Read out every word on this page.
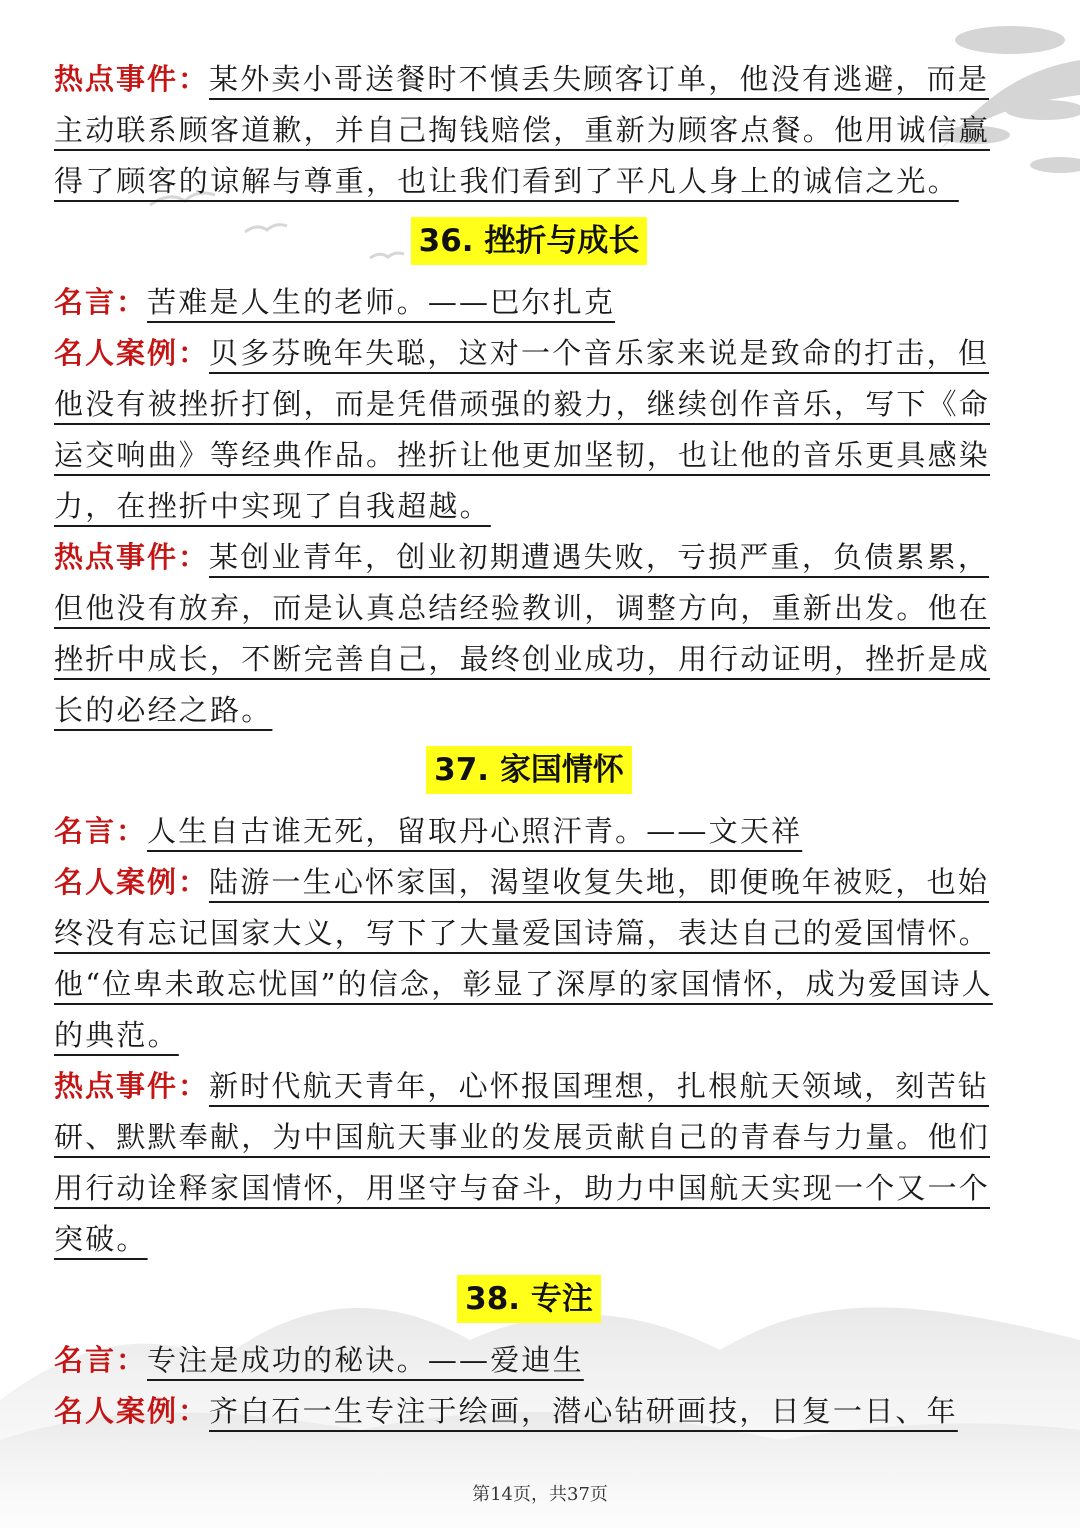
热点事件：某外卖小哥送餐时不慎丢失顾客订单，他没有逃避，而是主动联系顾客道歉，并自己掏钱赔偿，重新为顾客点餐。他用诚信赢得了顾客的谅解与尊重，也让我们看到了平凡人身上的诚信之光。

36. 挫折与成长

名言：苦难是人生的老师。——巴尔扎克

名人案例：贝多芬晚年失聪，这对一个音乐家来说是致命的打击，但他没有被挫折打倒，而是凭借顽强的毅力，继续创作音乐，写下《命运交响曲》等经典作品。挫折让他更加坚韧，也让他的音乐更具感染力，在挫折中实现了自我超越。

热点事件：某创业青年，创业初期遭遇失败，亏损严重，负债累累，但他没有放弃，而是认真总结经验教训，调整方向，重新出发。他在挫折中成长，不断完善自己，最终创业成功，用行动证明，挫折是成长的必经之路。

37. 家国情怀

名言：人生自古谁无死，留取丹心照汗青。——文天祥

名人案例：陆游一生心怀家国，渴望收复失地，即便晚年被贬，也始终没有忘记国家大义，写下了大量爱国诗篇，表达自己的爱国情怀。他“位卑未敢忘忧国”的信念，彰显了深厚的家国情怀，成为爱国诗人的典范。

热点事件：新时代航天青年，心怀报国理想，扎根航天领域，刻苦钻研、默默奉献，为中国航天事业的发展贡献自己的青春与力量。他们用行动诠释家国情怀，用坚守与奋斗，助力中国航天实现一个又一个突破。

38. 专注

名言：专注是成功的秘诀。——爱迪生

名人案例：齐白石一生专注于绘画，潜心钻研画技，日复一日、年

第14页，共37页
